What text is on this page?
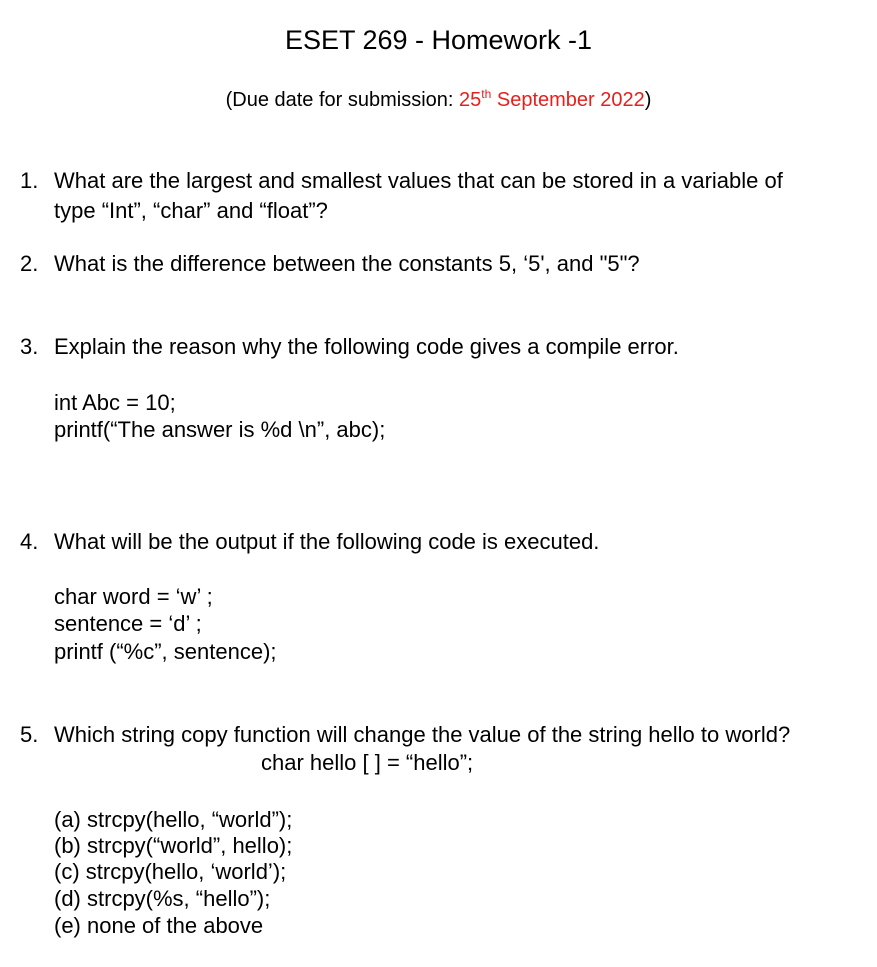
ESET 269 - Homework -1
(Due date for submission: 25th September 2022)
1. What are the largest and smallest values that can be stored in a variable of
type “Int”, “char” and “float”?
2. What is the difference between the constants 5, ‘5', and "5"?
3. Explain the reason why the following code gives a compile error.
int Abc = 10;
printf(“The answer is %d \n”, abc);
4. What will be the output if the following code is executed.
char word = ‘w’ ;
sentence = ‘d’ ;
printf (“%c”, sentence);
5. Which string copy function will change the value of the string hello to world?
char hello [ ] = “hello”;
(a) strcpy(hello, “world”);
(b) strcpy(“world”, hello);
(c) strcpy(hello, ‘world’);
(d) strcpy(%s, “hello”);
(e) none of the above
